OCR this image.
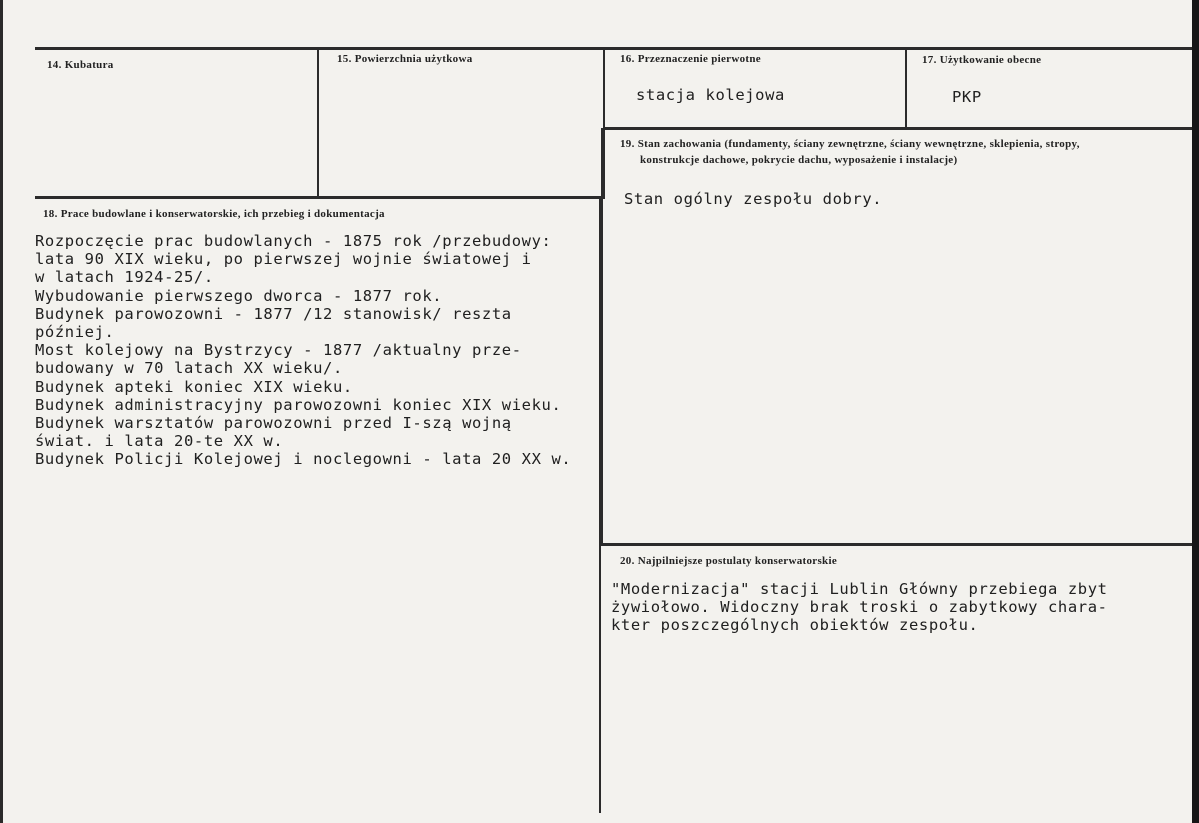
14. Kubatura	15. Powierzchnia użytkowa	16. Przeznaczenie pierwotne
stacja kolejowa
17. Użytkowanie obecne
PKP
19. Stan zachowania (fundamenty, ściany zewnętrzne, ściany wewnętrzne, sklepienia, stropy,
konstrukcje dachowe, pokrycie dachu, wyposażenie i instalacje)
Stan ogólny zespołu dobry.
18. Prace budowlane i konserwatorskie, ich przebieg i dokumentacja
Rozpoczęcie prac budowlanych - 1875 rok /przebudowy:
lata 90 XIX wieku, po pierwszej wojnie światowej i
w latach 1924-25/.
Wybudowanie pierwszego dworca - 1877 rok.
Budynek parowozowni - 1877 /12 stanowisk/ reszta
później.
Most kolejowy na Bystrzycy - 1877 /aktualny prze-
budowany w 70 latach XX wieku/.
Budynek apteki koniec XIX wieku.
Budynek administracyjny parowozowni koniec XIX wieku.
Budynek warsztatów parowozowni przed I-szą wojną
świat. i lata 20-te XX w.
Budynek Policji Kolejowej i noclegowni - lata 20 XX w.
20. Najpilniejsze postulaty konserwatorskie
"Modernizacja" stacji Lublin Główny przebiega zbyt
żywiołowo. Widoczny brak troski o zabytkowy chara-
kter poszczególnych obiektów zespołu.
